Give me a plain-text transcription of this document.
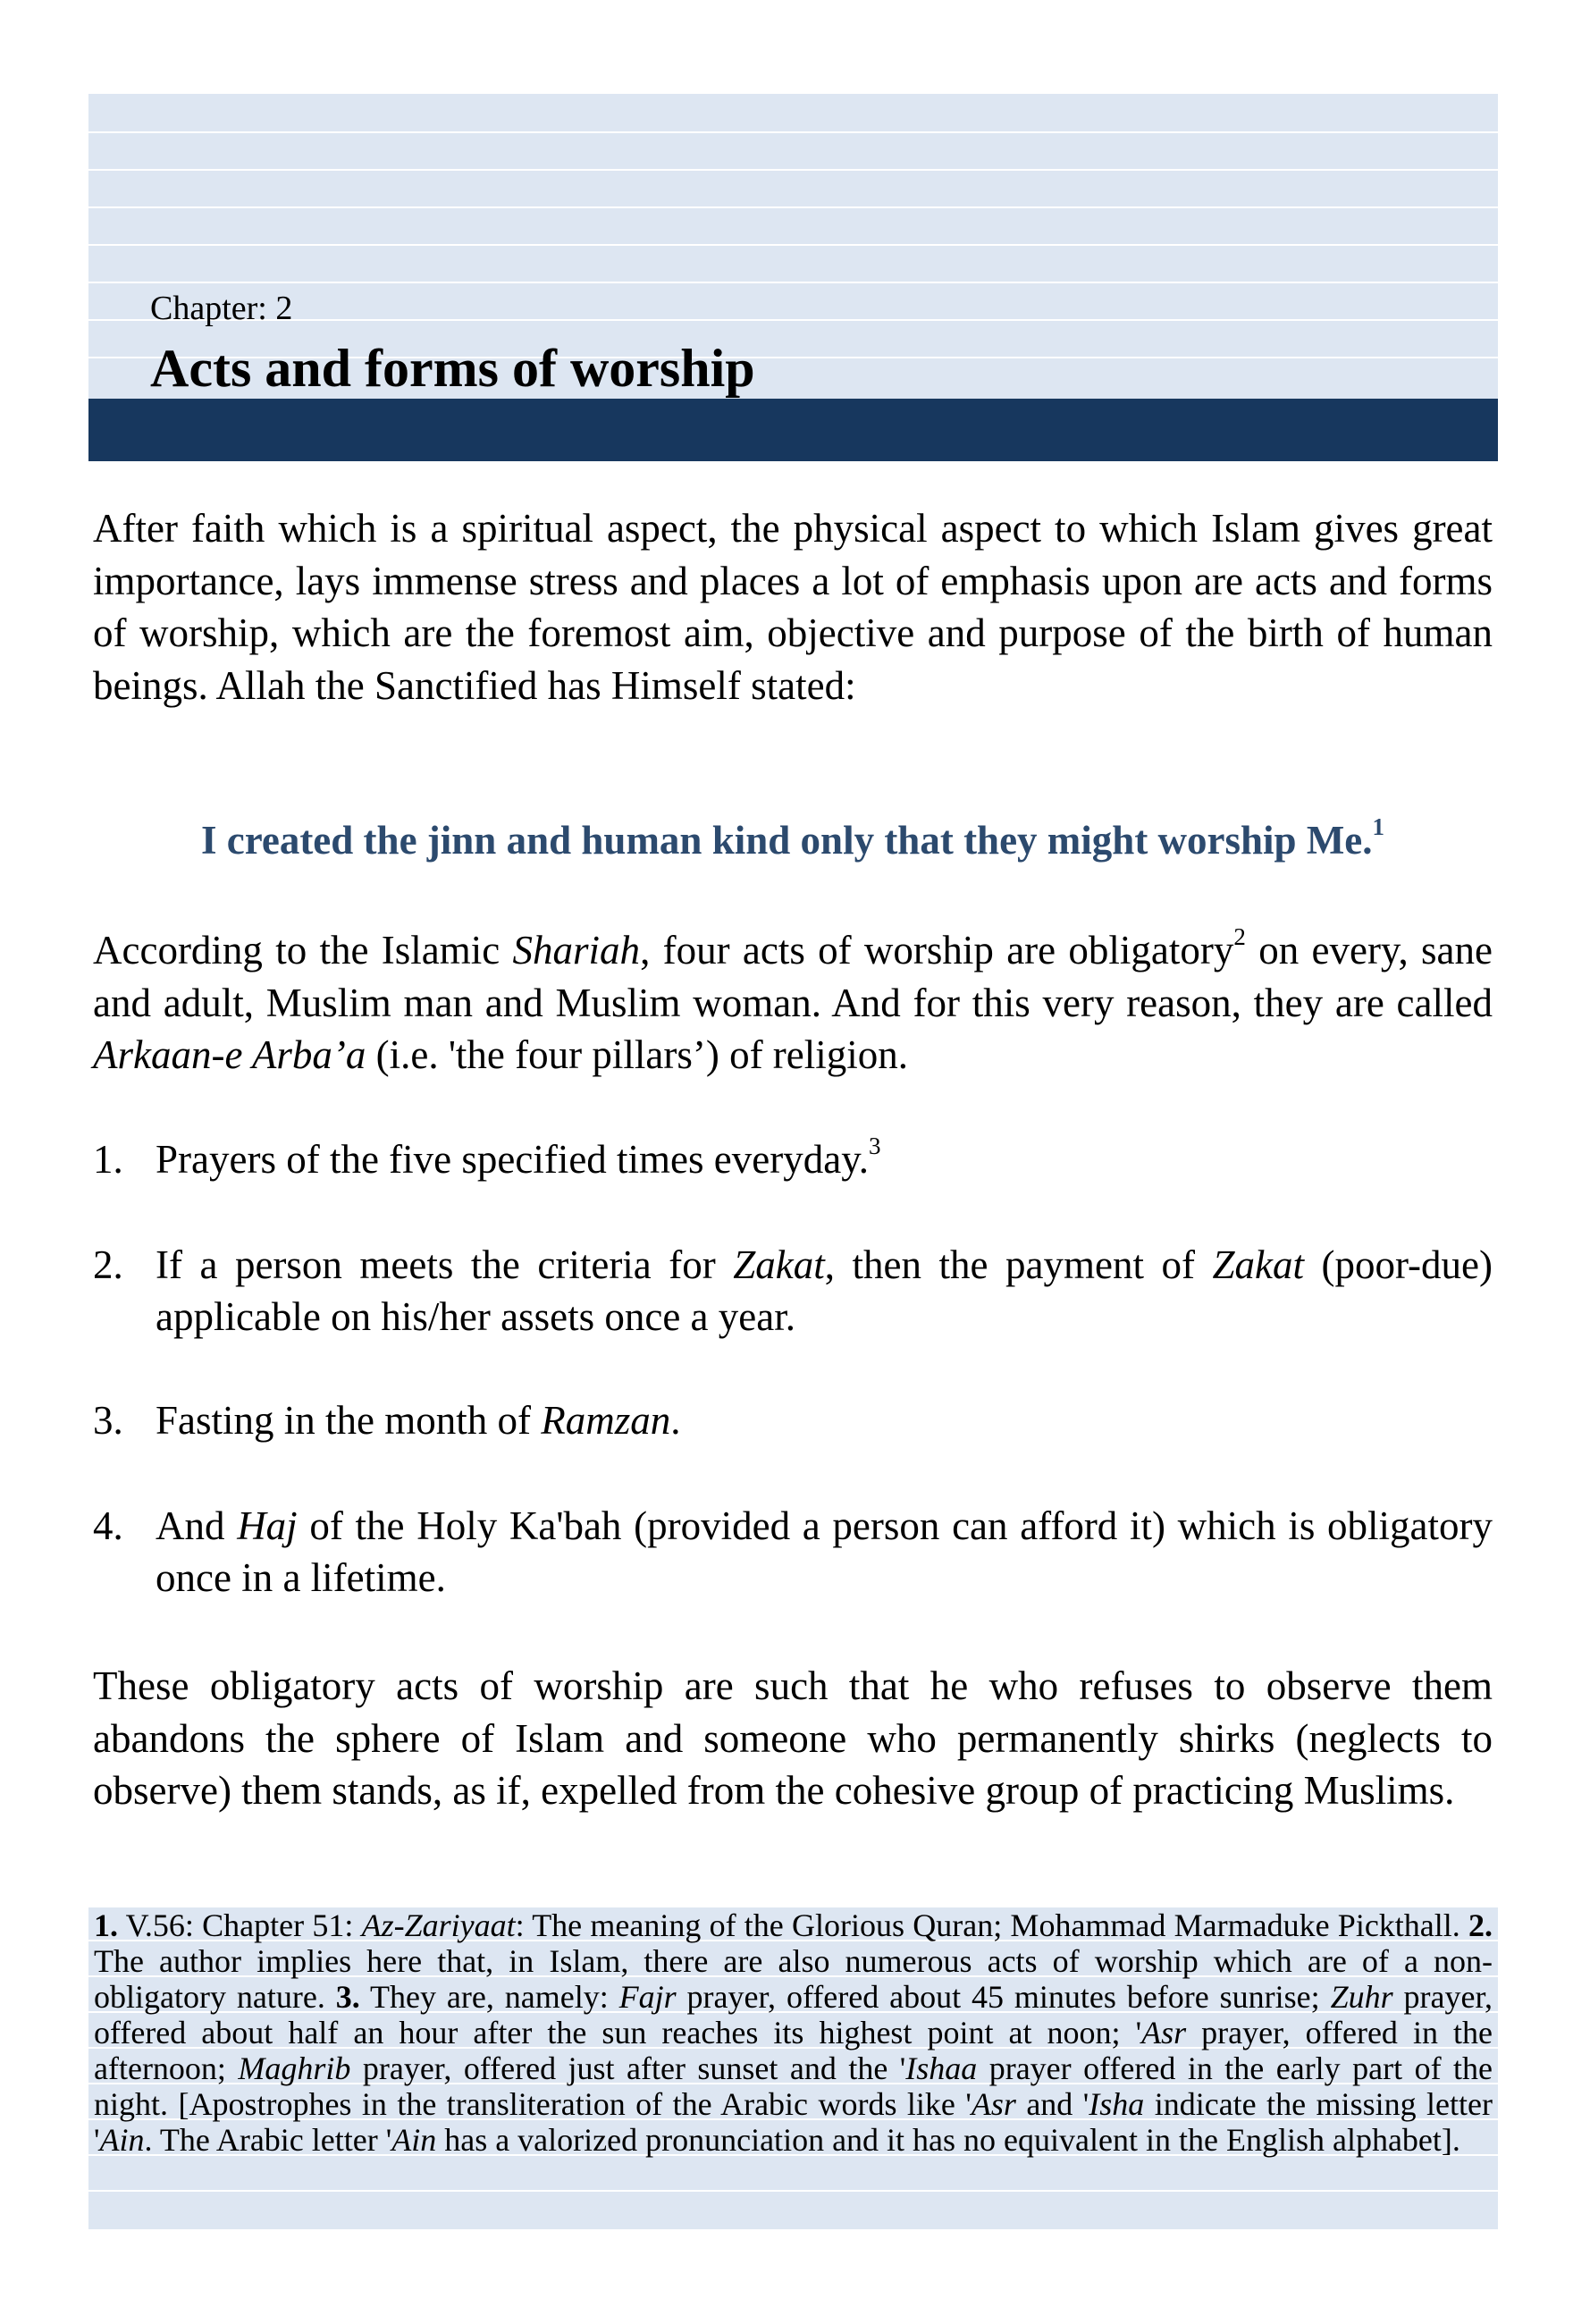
Chapter: 2
Acts and forms of worship

After faith which is a spiritual aspect, the physical aspect to which Islam gives great importance, lays immense stress and places a lot of emphasis upon are acts and forms of worship, which are the foremost aim, objective and purpose of the birth of human beings. Allah the Sanctified has Himself stated:

I created the jinn and human kind only that they might worship Me.$^1$

According to the Islamic Shariah, four acts of worship are obligatory$^2$ on every, sane and adult, Muslim man and Muslim woman. And for this very reason, they are called Arkaan-e Arba’a (i.e. 'the four pillars’) of religion.

1. Prayers of the five specified times everyday.$^3$
2. If a person meets the criteria for Zakat, then the payment of Zakat (poor-due) applicable on his/her assets once a year.
3. Fasting in the month of Ramzan.
4. And Haj of the Holy Ka'bah (provided a person can afford it) which is obligatory once in a lifetime.

These obligatory acts of worship are such that he who refuses to observe them abandons the sphere of Islam and someone who permanently shirks (neglects to observe) them stands, as if, expelled from the cohesive group of practicing Muslims.

1. V.56: Chapter 51: Az-Zariyaat: The meaning of the Glorious Quran; Mohammad Marmaduke Pickthall. 2. The author implies here that, in Islam, there are also numerous acts of worship which are of a non-obligatory nature. 3. They are, namely: Fajr prayer, offered about 45 minutes before sunrise; Zuhr prayer, offered about half an hour after the sun reaches its highest point at noon; 'Asr prayer, offered in the afternoon; Maghrib prayer, offered just after sunset and the 'Ishaa prayer offered in the early part of the night. [Apostrophes in the transliteration of the Arabic words like 'Asr and 'Isha indicate the missing letter 'Ain. The Arabic letter 'Ain has a valorized pronunciation and it has no equivalent in the English alphabet].
